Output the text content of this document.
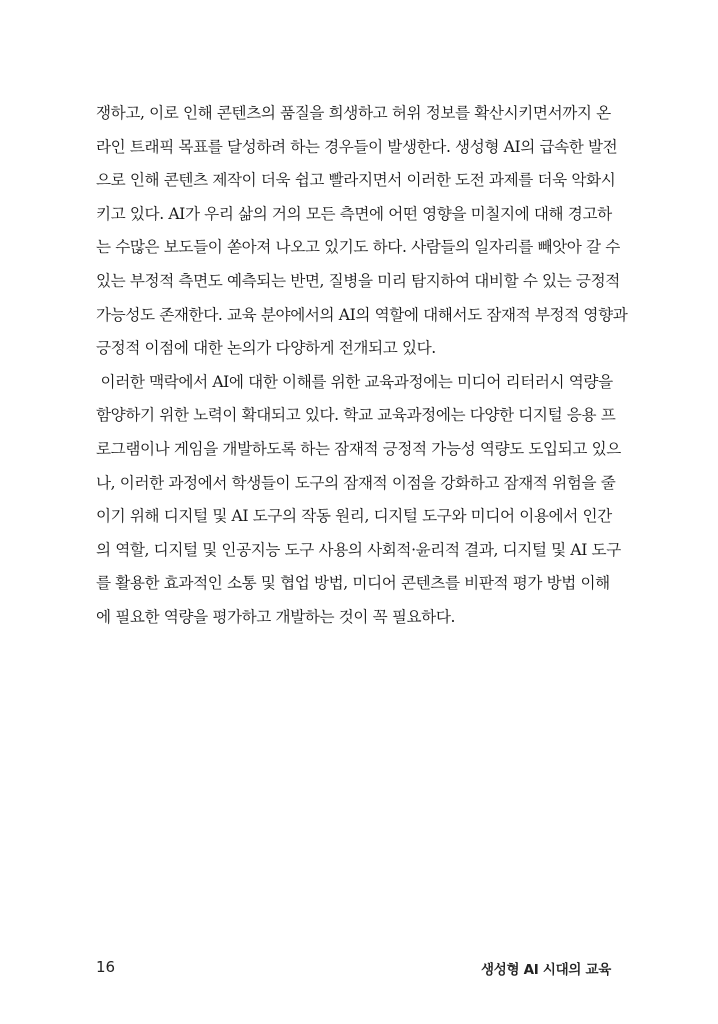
쟁하고, 이로 인해 콘텐츠의 품질을 희생하고 허위 정보를 확산시키면서까지 온
라인 트래픽 목표를 달성하려 하는 경우들이 발생한다. 생성형 AI의 급속한 발전
으로 인해 콘텐츠 제작이 더욱 쉽고 빨라지면서 이러한 도전 과제를 더욱 악화시
키고 있다. AI가 우리 삶의 거의 모든 측면에 어떤 영향을 미칠지에 대해 경고하
는 수많은 보도들이 쏟아져 나오고 있기도 하다. 사람들의 일자리를 빼앗아 갈 수
있는 부정적 측면도 예측되는 반면, 질병을 미리 탐지하여 대비할 수 있는 긍정적
가능성도 존재한다. 교육 분야에서의 AI의 역할에 대해서도 잠재적 부정적 영향과
긍정적 이점에 대한 논의가 다양하게 전개되고 있다.
이러한 맥락에서 AI에 대한 이해를 위한 교육과정에는 미디어 리터러시 역량을
함양하기 위한 노력이 확대되고 있다. 학교 교육과정에는 다양한 디지털 응용 프
로그램이나 게임을 개발하도록 하는 잠재적 긍정적 가능성 역량도 도입되고 있으
나, 이러한 과정에서 학생들이 도구의 잠재적 이점을 강화하고 잠재적 위험을 줄
이기 위해 디지털 및 AI 도구의 작동 원리, 디지털 도구와 미디어 이용에서 인간
의 역할, 디지털 및 인공지능 도구 사용의 사회적·윤리적 결과, 디지털 및 AI 도구
를 활용한 효과적인 소통 및 협업 방법, 미디어 콘텐츠를 비판적 평가 방법 이해
에 필요한 역량을 평가하고 개발하는 것이 꼭 필요하다.
16	생성형 AI 시대의 교육
